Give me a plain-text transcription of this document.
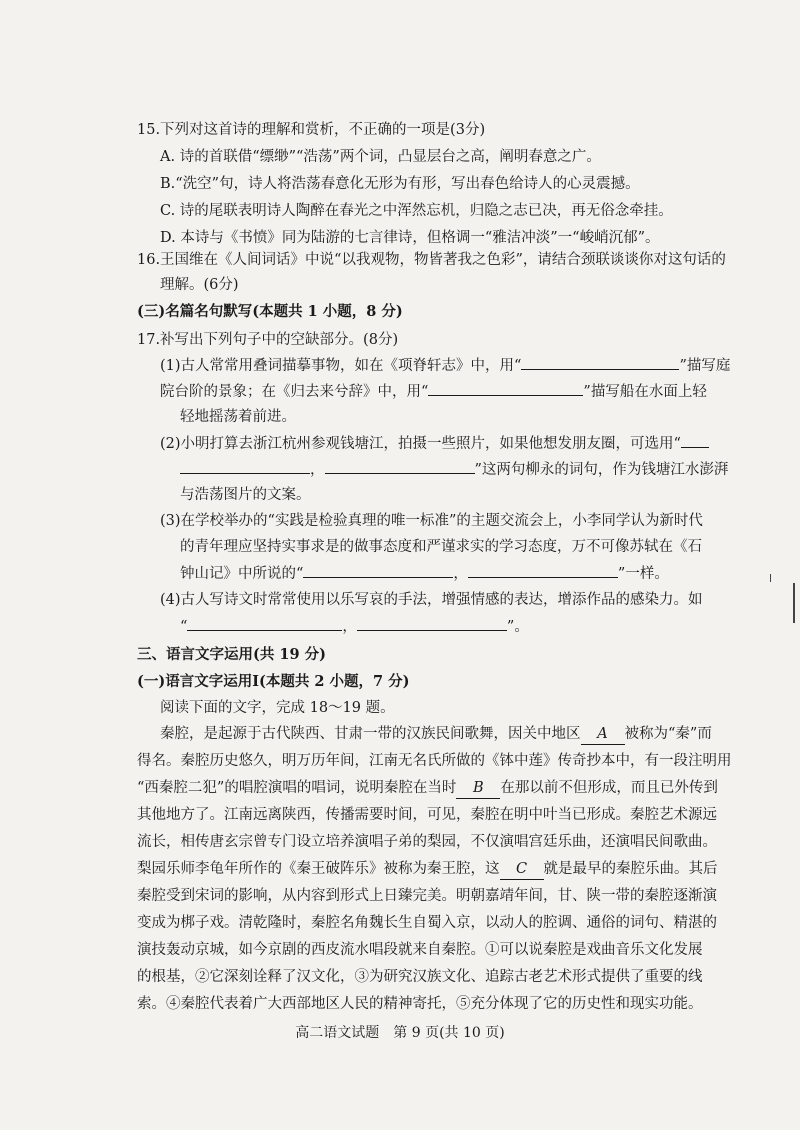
15.下列对这首诗的理解和赏析，不正确的一项是(3分)
A. 诗的首联借“缥缈”“浩荡”两个词，凸显层台之高，阐明春意之广。
B.“洗空”句，诗人将浩荡春意化无形为有形，写出春色给诗人的心灵震撼。
C. 诗的尾联表明诗人陶醉在春光之中浑然忘机，归隐之志已决，再无俗念牵挂。
D. 本诗与《书愤》同为陆游的七言律诗，但格调一“雅洁冲淡”一“峻峭沉郁”。
16.王国维在《人间词话》中说“以我观物，物皆著我之色彩”，请结合颈联谈谈你对这句话的
理解。(6分)
(三)名篇名句默写(本题共 1 小题，8 分)
17.补写出下列句子中的空缺部分。(8分)
(1)古人常常用叠词描摹事物，如在《项脊轩志》中，用“	”描写庭
院台阶的景象；在《归去来兮辞》中，用“	”描写船在水面上轻
轻地摇荡着前进。
(2)小明打算去浙江杭州参观钱塘江，拍摄一些照片，如果他想发朋友圈，可选用“
，	”这两句柳永的词句，作为钱塘江水澎湃
与浩荡图片的文案。
(3)在学校举办的“实践是检验真理的唯一标准”的主题交流会上，小李同学认为新时代
的青年理应坚持实事求是的做事态度和严谨求实的学习态度，万不可像苏轼在《石
钟山记》中所说的“	，	”一样。
(4)古人写诗文时常常使用以乐写哀的手法，增强情感的表达，增添作品的感染力。如
“	，	”。
三、语言文字运用(共 19 分)
(一)语言文字运用Ⅰ(本题共 2 小题，7 分)
阅读下面的文字，完成 18～19 题。
秦腔，是起源于古代陕西、甘肃一带的汉族民间歌舞，因关中地区 A 被称为“秦”而
得名。秦腔历史悠久，明万历年间，江南无名氏所做的《钵中莲》传奇抄本中，有一段注明用
“西秦腔二犯”的唱腔演唱的唱词，说明秦腔在当时 B 在那以前不但形成，而且已外传到
其他地方了。江南远离陕西，传播需要时间，可见，秦腔在明中叶当已形成。秦腔艺术源远
流长，相传唐玄宗曾专门设立培养演唱子弟的梨园，不仅演唱宫廷乐曲，还演唱民间歌曲。
梨园乐师李龟年所作的《秦王破阵乐》被称为秦王腔，这 C 就是最早的秦腔乐曲。其后
秦腔受到宋词的影响，从内容到形式上日臻完美。明朝嘉靖年间，甘、陕一带的秦腔逐渐演
变成为梆子戏。清乾隆时，秦腔名角魏长生自蜀入京，以动人的腔调、通俗的词句、精湛的
演技轰动京城，如今京剧的西皮流水唱段就来自秦腔。①可以说秦腔是戏曲音乐文化发展
的根基，②它深刻诠释了汉文化，③为研究汉族文化、追踪古老艺术形式提供了重要的线
索。④秦腔代表着广大西部地区人民的精神寄托，⑤充分体现了它的历史性和现实功能。
高二语文试题　第 9 页(共 10 页)
